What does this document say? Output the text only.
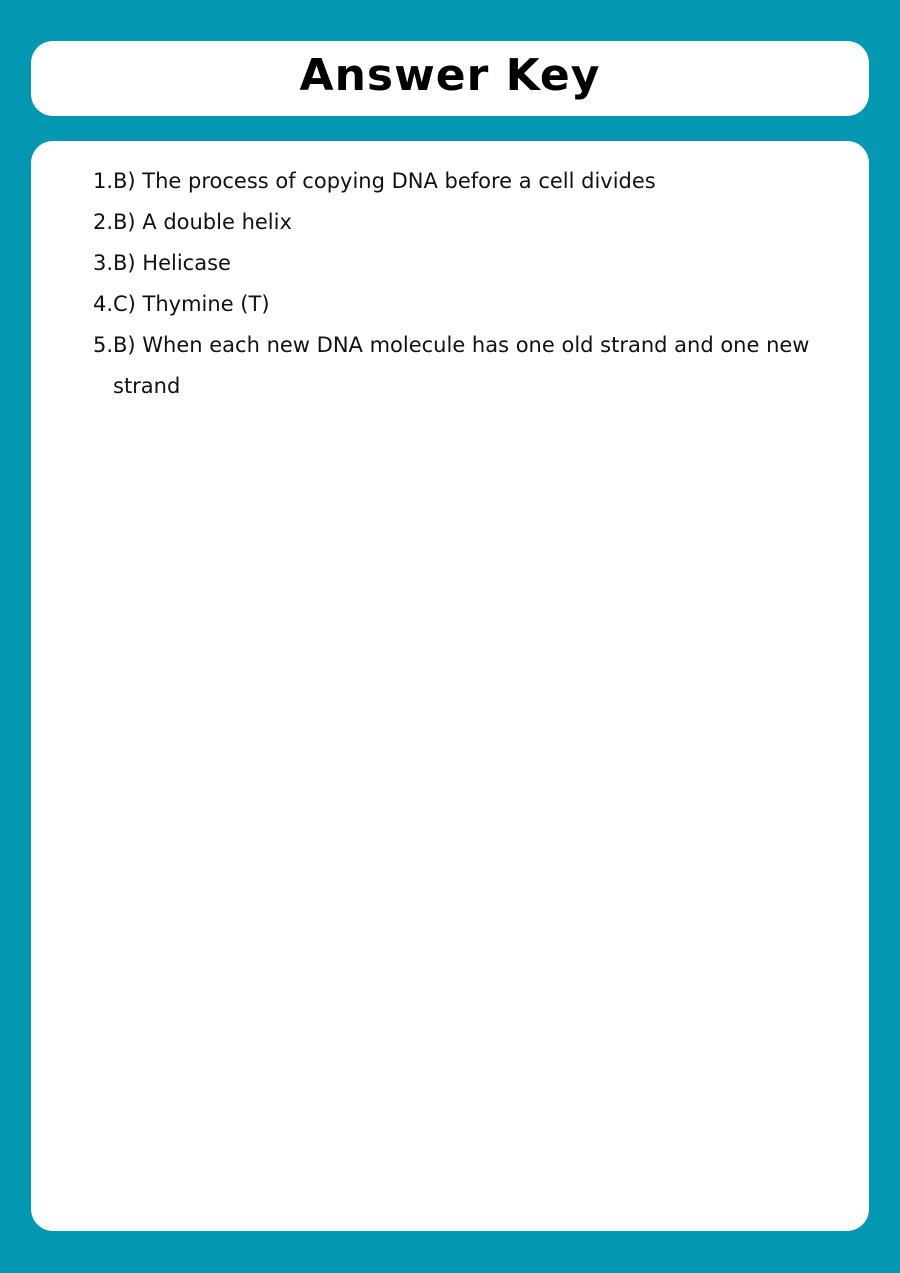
Answer Key
1. B) The process of copying DNA before a cell divides
2. B) A double helix
3. B) Helicase
4. C) Thymine (T)
5. B) When each new DNA molecule has one old strand and one new strand
